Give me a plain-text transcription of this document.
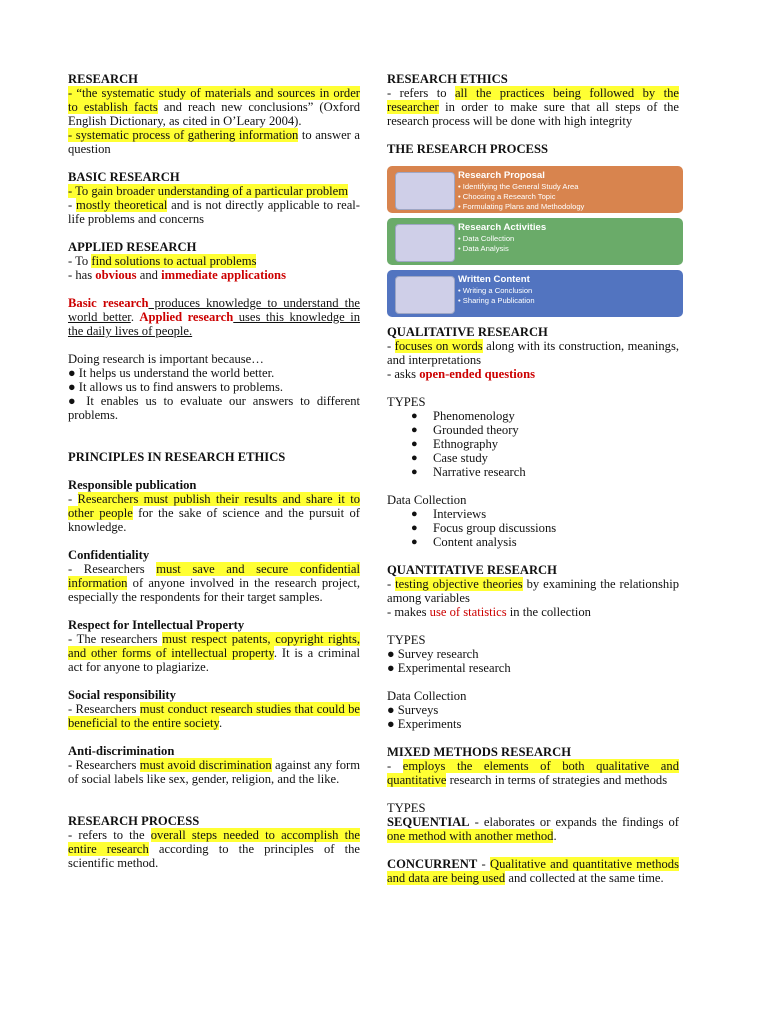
RESEARCH

- “the systematic study of materials and sources in order to establish facts and reach new conclusions” (Oxford English Dictionary, as cited in O’Leary 2004).

- systematic process of gathering information to answer a question

BASIC RESEARCH

- To gain broader understanding of a particular problem

- mostly theoretical and is not directly applicable to real-life problems and concerns

APPLIED RESEARCH

- To find solutions to actual problems

- has obvious and immediate applications

Basic research produces knowledge to understand the world better. Applied research uses this knowledge in the daily lives of people.

Doing research is important because…

● It helps us understand the world better.

● It allows us to find answers to problems.

● It enables us to evaluate our answers to different problems.

PRINCIPLES IN RESEARCH ETHICS

Responsible publication

- Researchers must publish their results and share it to other people for the sake of science and the pursuit of knowledge.

Confidentiality

- Researchers must save and secure confidential information of anyone involved in the research project, especially the respondents for their target samples.

Respect for Intellectual Property

- The researchers must respect patents, copyright rights, and other forms of intellectual property. It is a criminal act for anyone to plagiarize.

Social responsibility

- Researchers must conduct research studies that could be beneficial to the entire society.

Anti-discrimination

- Researchers must avoid discrimination against any form of social labels like sex, gender, religion, and the like.

RESEARCH PROCESS

- refers to the overall steps needed to accomplish the entire research according to the principles of the scientific method.

RESEARCH ETHICS

- refers to all the practices being followed by the researcher in order to make sure that all steps of the research process will be done with high integrity

THE RESEARCH PROCESS

Research Proposal
• Identifying the General Study Area
• Choosing a Research Topic
• Formulating Plans and Methodology
Research Activities
• Data Collection
• Data Analysis
Written Content
• Writing a Conclusion
• Sharing a Publication

QUALITATIVE RESEARCH

- focuses on words along with its construction, meanings, and interpretations

- asks open-ended questions

TYPES

● Phenomenology
● Grounded theory
● Ethnography
● Case study
● Narrative research

Data Collection

● Interviews
● Focus group discussions
● Content analysis

QUANTITATIVE RESEARCH

- testing objective theories by examining the relationship among variables

- makes use of statistics in the collection

TYPES

● Survey research

● Experimental research

Data Collection

● Surveys

● Experiments

MIXED METHODS RESEARCH

- employs the elements of both qualitative and quantitative research in terms of strategies and methods

TYPES

SEQUENTIAL - elaborates or expands the findings of one method with another method.

CONCURRENT - Qualitative and quantitative methods and data are being used and collected at the same time.
